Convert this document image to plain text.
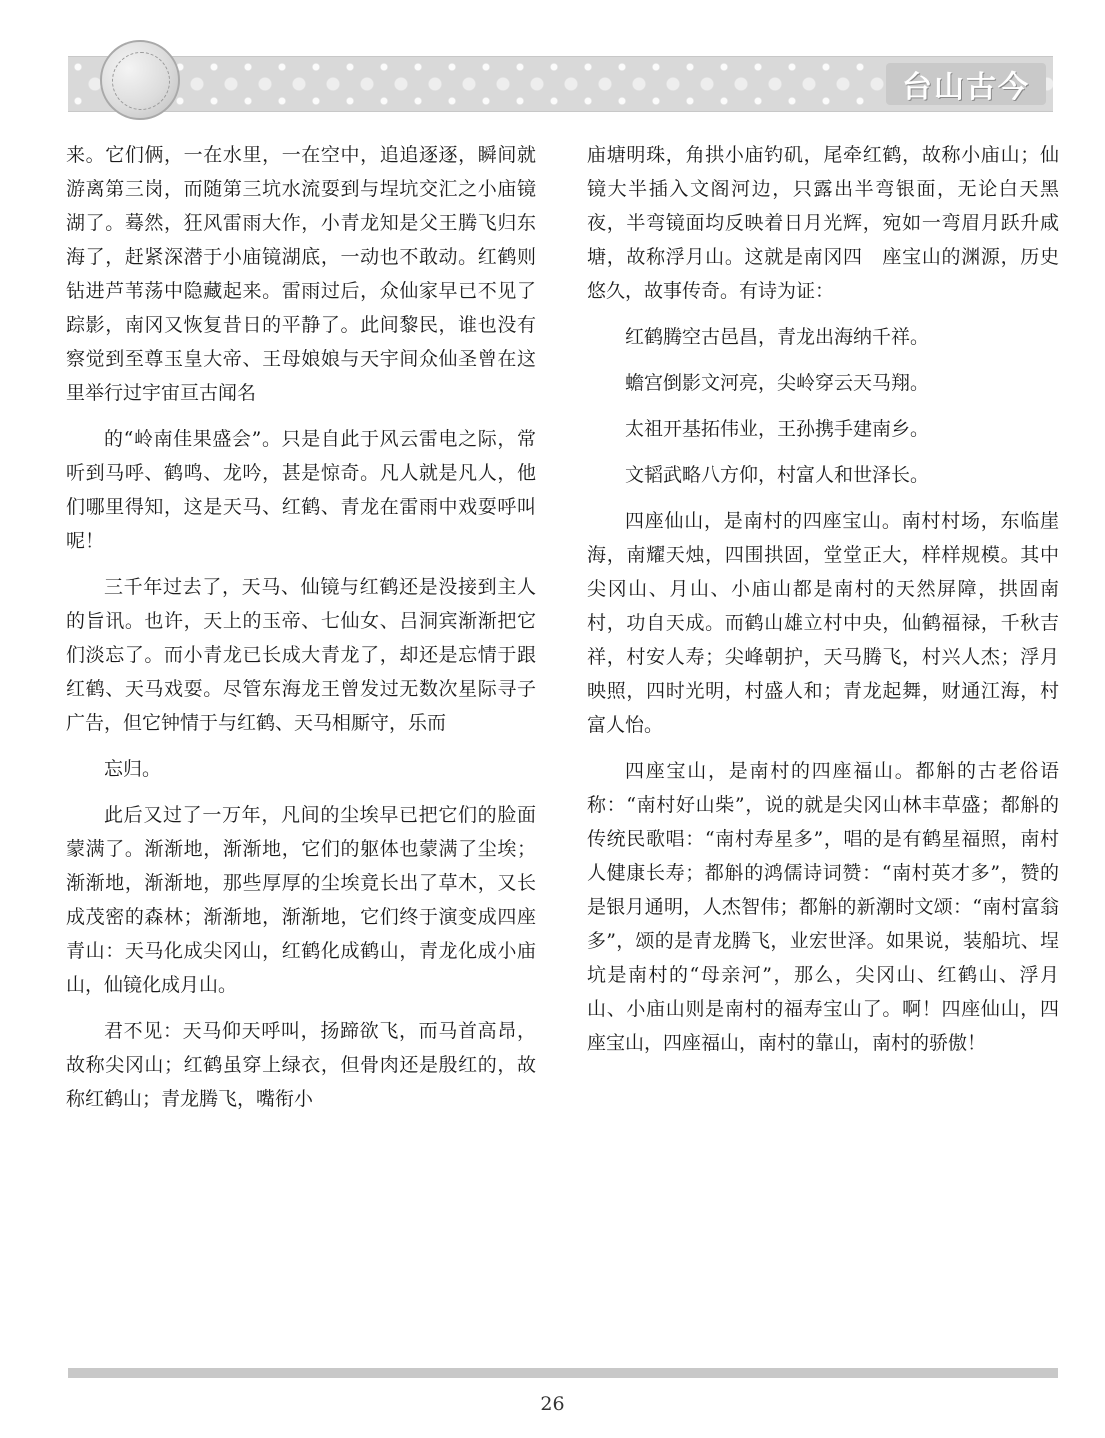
台山古今

来。它们俩，一在水里，一在空中，追追逐逐，瞬间就游离第三岗，而随第三坑水流耍到与埕坑交汇之小庙镜湖了。蓦然，狂风雷雨大作，小青龙知是父王腾飞归东海了，赶紧深潜于小庙镜湖底，一动也不敢动。红鹤则钻进芦苇荡中隐藏起来。雷雨过后，众仙家早已不见了踪影，南冈又恢复昔日的平静了。此间黎民，谁也没有察觉到至尊玉皇大帝、王母娘娘与天宇间众仙圣曾在这里举行过宇宙亘古闻名

的“岭南佳果盛会”。只是自此于风云雷电之际，常听到马呼、鹤鸣、龙吟，甚是惊奇。凡人就是凡人，他们哪里得知，这是天马、红鹤、青龙在雷雨中戏耍呼叫呢！

三千年过去了，天马、仙镜与红鹤还是没接到主人的旨讯。也许，天上的玉帝、七仙女、吕洞宾渐渐把它们淡忘了。而小青龙已长成大青龙了，却还是忘情于跟红鹤、天马戏耍。尽管东海龙王曾发过无数次星际寻子广告，但它钟情于与红鹤、天马相厮守，乐而

忘归。

此后又过了一万年，凡间的尘埃早已把它们的脸面蒙满了。渐渐地，渐渐地，它们的躯体也蒙满了尘埃；渐渐地，渐渐地，那些厚厚的尘埃竟长出了草木，又长成茂密的森林；渐渐地，渐渐地，它们终于演变成四座青山：天马化成尖冈山，红鹤化成鹤山，青龙化成小庙山，仙镜化成月山。

君不见：天马仰天呼叫，扬蹄欲飞，而马首高昂，故称尖冈山；红鹤虽穿上绿衣，但骨肉还是殷红的，故称红鹤山；青龙腾飞，嘴衔小

庙塘明珠，角拱小庙钓矶，尾牵红鹤，故称小庙山；仙镜大半插入文阁河边，只露出半弯银面，无论白天黑夜，半弯镜面均反映着日月光辉，宛如一弯眉月跃升咸塘，故称浮月山。这就是南冈四　座宝山的渊源，历史悠久，故事传奇。有诗为证：

红鹤腾空古邑昌，青龙出海纳千祥。

蟾宫倒影文河亮，尖岭穿云天马翔。

太祖开基拓伟业，王孙携手建南乡。

文韬武略八方仰，村富人和世泽长。

四座仙山，是南村的四座宝山。南村村场，东临崖海，南耀天烛，四围拱固，堂堂正大，样样规模。其中尖冈山、月山、小庙山都是南村的天然屏障，拱固南村，功自天成。而鹤山雄立村中央，仙鹤福禄，千秋吉祥，村安人寿；尖峰朝护，天马腾飞，村兴人杰；浮月映照，四时光明，村盛人和；青龙起舞，财通江海，村富人怡。

四座宝山，是南村的四座福山。都斛的古老俗语称：“南村好山柴”，说的就是尖冈山林丰草盛；都斛的传统民歌唱：“南村寿星多”，唱的是有鹤星福照，南村人健康长寿；都斛的鸿儒诗词赞：“南村英才多”，赞的是银月通明，人杰智伟；都斛的新潮时文颂：“南村富翁多”，颂的是青龙腾飞，业宏世泽。如果说，装船坑、埕坑是南村的“母亲河”，那么，尖冈山、红鹤山、浮月山、小庙山则是南村的福寿宝山了。啊！四座仙山，四座宝山，四座福山，南村的靠山，南村的骄傲！

26
